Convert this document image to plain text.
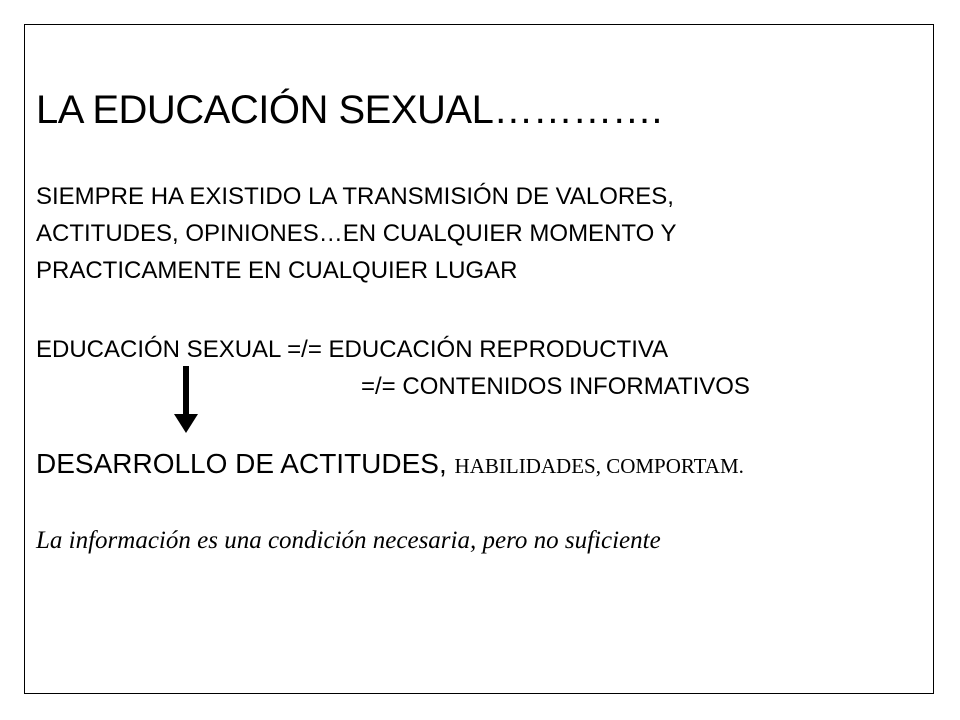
LA EDUCACIÓN SEXUAL………….
SIEMPRE HA EXISTIDO LA TRANSMISIÓN DE VALORES,
ACTITUDES, OPINIONES…EN CUALQUIER MOMENTO Y
PRACTICAMENTE EN CUALQUIER LUGAR
EDUCACIÓN SEXUAL =/= EDUCACIÓN REPRODUCTIVA
=/= CONTENIDOS INFORMATIVOS
DESARROLLO DE ACTITUDES, HABILIDADES, COMPORTAM.
La información es una condición necesaria, pero no suficiente
